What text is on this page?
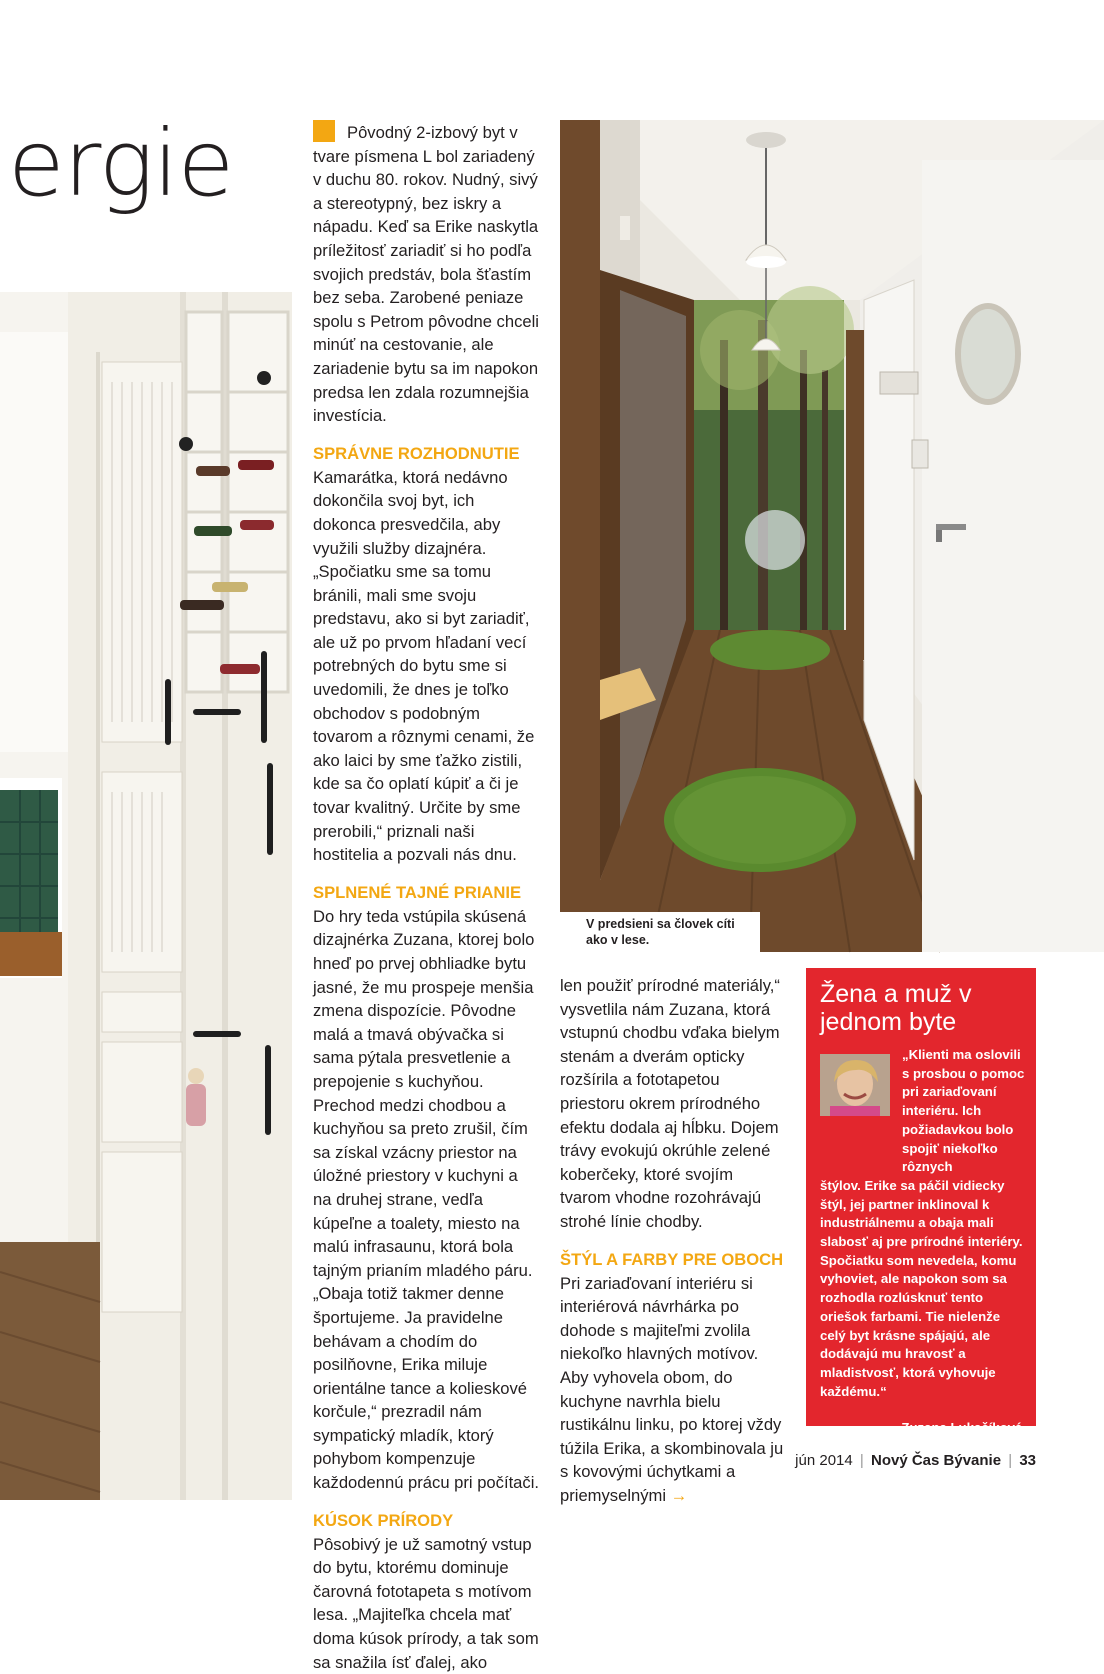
ergie	Pôvodný 2-izbový byt v tvare písmena L bol zariadený v duchu 80. rokov. Nudný, sivý a stereotypný, bez iskry a nápadu. Keď sa Erike naskytla príležitosť zariadiť si ho podľa svojich predstáv, bola šťastím bez seba. Zarobené peniaze spolu s Petrom pôvodne chceli minúť na cestovanie, ale zariadenie bytu sa im napokon predsa len zdala rozumnejšia investícia.

SPRÁVNE ROZHODNUTIE

Kamarátka, ktorá nedávno dokončila svoj byt, ich dokonca presvedčila, aby využili služby dizajnéra. „Spočiatku sme sa tomu bránili, mali sme svoju predstavu, ako si byt zariadiť, ale už po prvom hľadaní vecí potrebných do bytu sme si uvedomili, že dnes je toľko obchodov s podobným tovarom a rôznymi cenami, že ako laici by sme ťažko zistili, kde sa čo oplatí kúpiť a či je tovar kvalitný. Určite by sme prerobili,“ priznali naši hostitelia a pozvali nás dnu.

SPLNENÉ TAJNÉ PRIANIE

Do hry teda vstúpila skúsená dizajnérka Zuzana, ktorej bolo hneď po prvej obhliadke bytu jasné, že mu prospeje menšia zmena dispozície. Pôvodne malá a tmavá obývačka si sama pýtala presvetlenie a prepojenie s kuchyňou. Prechod medzi chodbou a kuchyňou sa preto zrušil, čím sa získal vzácny priestor na úložné priestory v kuchyni a na druhej strane, vedľa kúpeľne a toalety, miesto na malú infrasaunu, ktorá bola tajným prianím mladého páru. „Obaja totiž takmer denne športujeme. Ja pravidelne behávam a chodím do posilňovne, Erika miluje orientálne tance a kolieskové korčule,“ prezradil nám sympatický mladík, ktorý pohybom kompenzuje každodennú prácu pri počítači.

KÚSOK PRÍRODY

Pôsobivý je už samotný vstup do bytu, ktorému dominuje čarovná fototapeta s motívom lesa. „Majiteľka chcela mať doma kúsok prírody, a tak som sa snažila ísť ďalej, ako

V predsieni sa človek cíti ako v lese.

len použiť prírodné materiály,“ vysvetlila nám Zuzana, ktorá vstupnú chodbu vďaka bielym stenám a dverám opticky rozšírila a fototapetou priestoru okrem prírodného efektu dodala aj hĺbku. Dojem trávy evokujú okrúhle zelené koberčeky, ktoré svojím tvarom vhodne rozohrávajú strohé línie chodby.

ŠTÝL A FARBY PRE OBOCH

Pri zariaďovaní interiéru si interiérová návrhárka po dohode s majiteľmi zvolila niekoľko hlavných motívov. Aby vyhovela obom, do kuchyne navrhla bielu rustikálnu linku, po ktorej vždy túžila Erika, a skombinovala ju s kovovými úchytkami a priemyselnými →

Žena a muž v jednom byte
„Klienti ma oslovili s prosbou o pomoc pri zariaďovaní interiéru. Ich požiadavkou bolo spojiť niekoľko rôznych
štýlov. Erike sa páčil vidiecky štýl, jej partner inklinoval k industriálnemu a obaja mali slabosť aj pre prírodné interiéry. Spočiatku som nevedela, komu vyhoviet, ale napokon som sa rozhodla rozlúsknuť tento oriešok farbami. Tie nielenže celý byt krásne spájajú, ale dodávajú mu hravosť a mladistvosť, ktorá vyhovuje každému.“
Zuzana Lukačíková,
dizajnérka
jún 2014 | Nový Čas Bývanie | 33
